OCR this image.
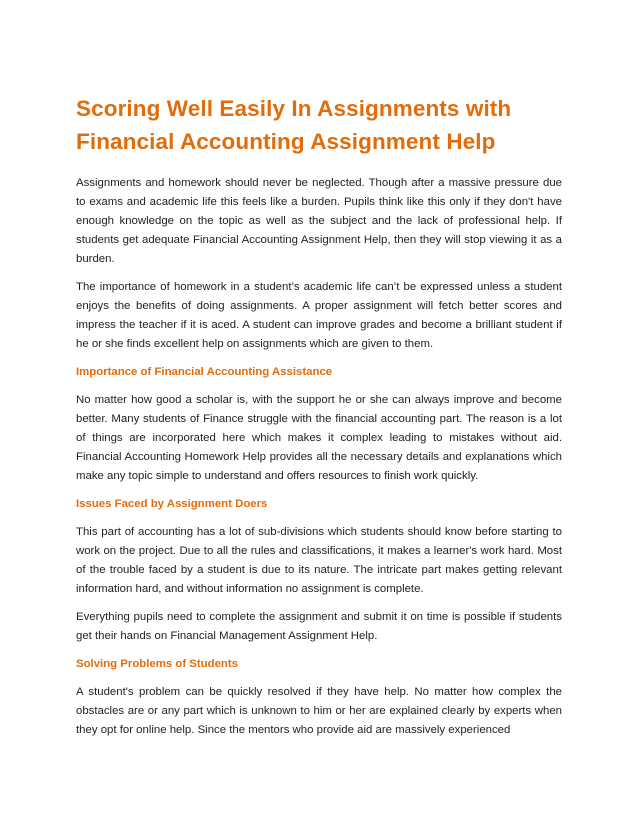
Scoring Well Easily In Assignments with Financial Accounting Assignment Help

Assignments and homework should never be neglected. Though after a massive pressure due to exams and academic life this feels like a burden. Pupils think like this only if they don't have enough knowledge on the topic as well as the subject and the lack of professional help. If students get adequate Financial Accounting Assignment Help, then they will stop viewing it as a burden.

The importance of homework in a student’s academic life can’t be expressed unless a student enjoys the benefits of doing assignments. A proper assignment will fetch better scores and impress the teacher if it is aced. A student can improve grades and become a brilliant student if he or she finds excellent help on assignments which are given to them.

Importance of Financial Accounting Assistance

No matter how good a scholar is, with the support he or she can always improve and become better. Many students of Finance struggle with the financial accounting part. The reason is a lot of things are incorporated here which makes it complex leading to mistakes without aid. Financial Accounting Homework Help provides all the necessary details and explanations which make any topic simple to understand and offers resources to finish work quickly.

Issues Faced by Assignment Doers

This part of accounting has a lot of sub-divisions which students should know before starting to work on the project. Due to all the rules and classifications, it makes a learner's work hard. Most of the trouble faced by a student is due to its nature. The intricate part makes getting relevant information hard, and without information no assignment is complete.

Everything pupils need to complete the assignment and submit it on time is possible if students get their hands on Financial Management Assignment Help.

Solving Problems of Students

A student's problem can be quickly resolved if they have help. No matter how complex the obstacles are or any part which is unknown to him or her are explained clearly by experts when they opt for online help. Since the mentors who provide aid are massively experienced
